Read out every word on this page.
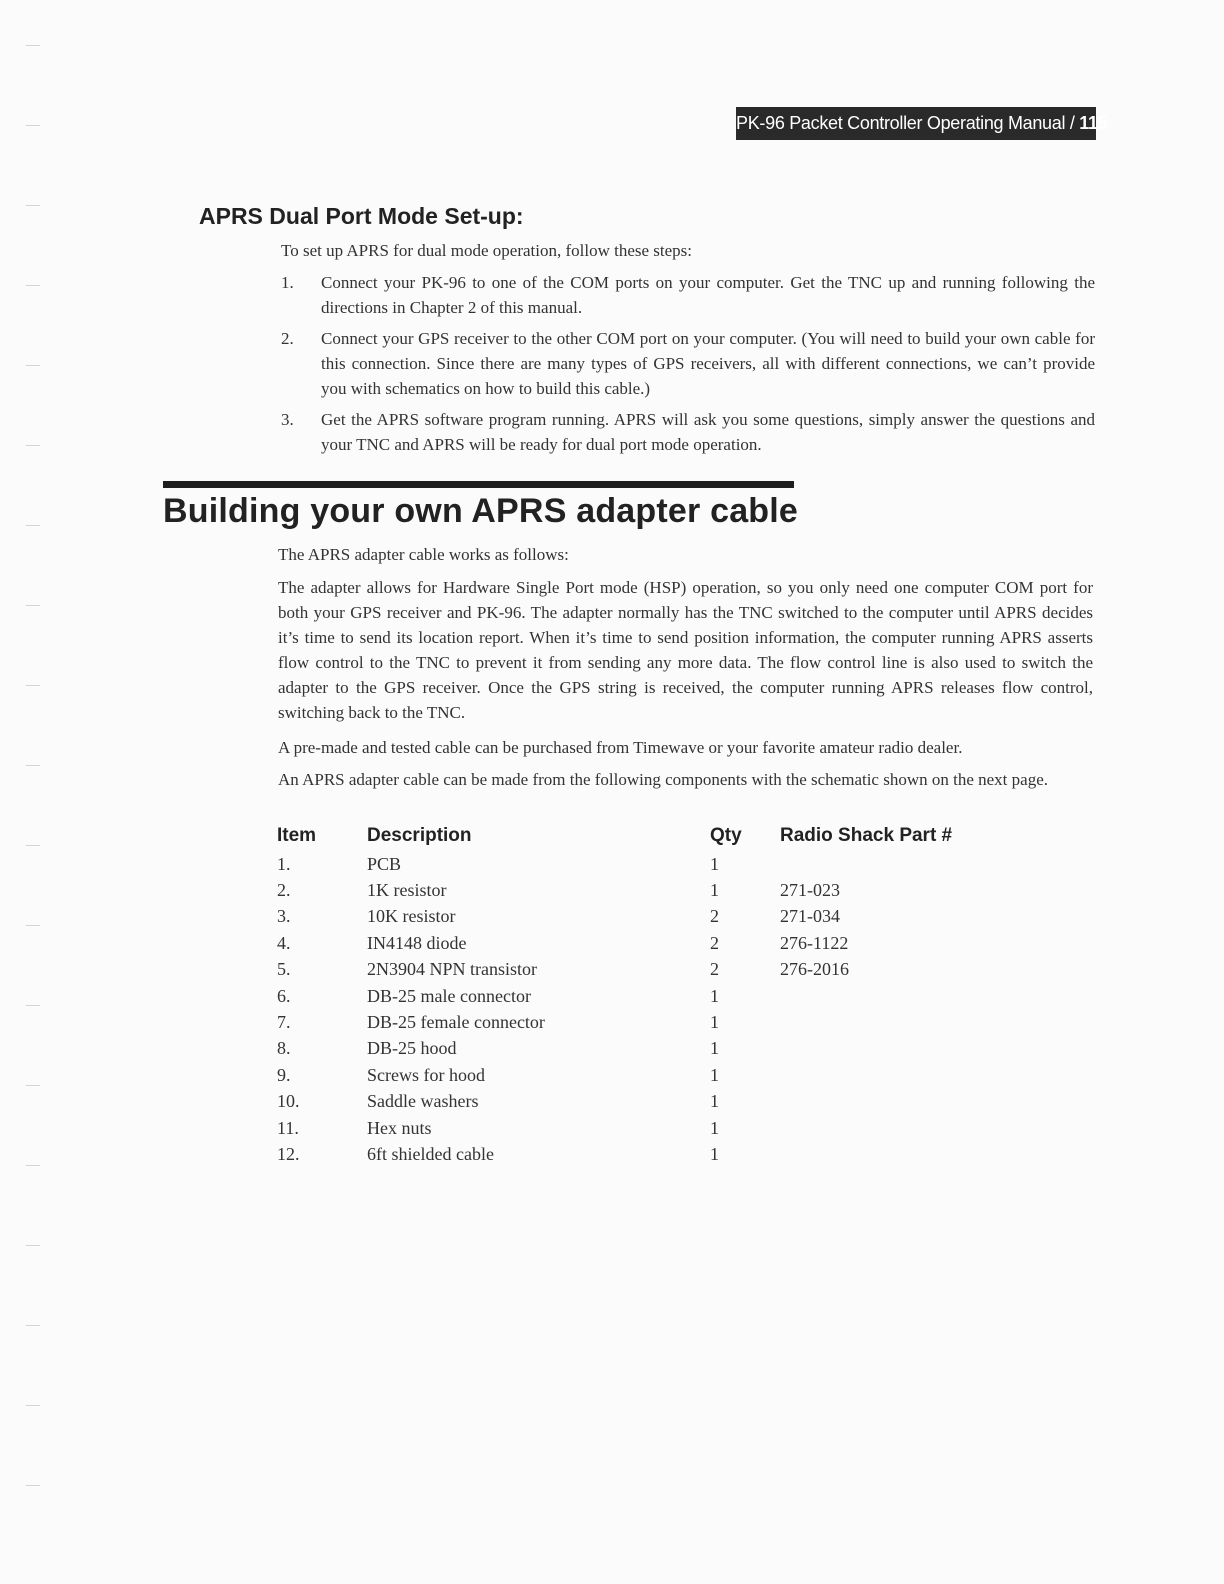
PK-96 Packet Controller Operating Manual / 115
APRS Dual Port Mode Set-up:

To set up APRS for dual mode operation, follow these steps:

1. Connect your PK-96 to one of the COM ports on your computer. Get the TNC up and running following the directions in Chapter 2 of this manual.
2. Connect your GPS receiver to the other COM port on your computer. (You will need to build your own cable for this connection. Since there are many types of GPS receivers, all with different connections, we can’t provide you with schematics on how to build this cable.)
3. Get the APRS software program running. APRS will ask you some questions, simply answer the questions and your TNC and APRS will be ready for dual port mode operation.
Building your own APRS adapter cable

The APRS adapter cable works as follows:

The adapter allows for Hardware Single Port mode (HSP) operation, so you only need one computer COM port for both your GPS receiver and PK-96. The adapter normally has the TNC switched to the computer until APRS decides it’s time to send its location report. When it’s time to send position information, the computer running APRS asserts flow control to the TNC to prevent it from sending any more data. The flow control line is also used to switch the adapter to the GPS receiver. Once the GPS string is received, the computer running APRS releases flow control, switching back to the TNC.

A pre-made and tested cable can be purchased from Timewave or your favorite amateur radio dealer.

An APRS adapter cable can be made from the following components with the schematic shown on the next page.

Item	Description	Qty	Radio Shack Part #
1.	PCB	1	
2.	1K resistor	1	271-023
3.	10K resistor	2	271-034
4.	IN4148 diode	2	276-1122
5.	2N3904 NPN transistor	2	276-2016
6.	DB-25 male connector	1	
7.	DB-25 female connector	1	
8.	DB-25 hood	1	
9.	Screws for hood	1	
10.	Saddle washers	1	
11.	Hex nuts	1	
12.	6ft shielded cable	1	
